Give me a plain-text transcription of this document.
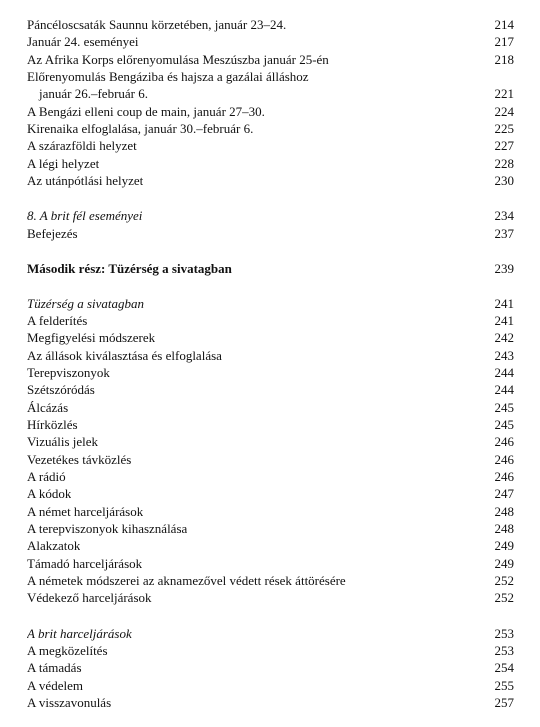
Páncéloscsaták Saunnu körzetében, január 23–24.	214
Január 24. eseményei	217
Az Afrika Korps előrenyomulása Meszúszba január 25-én	218
Előrenyomulás Bengáziba és hajsza a gazálai álláshoz
január 26.–február 6.	221
A Bengázi elleni coup de main, január 27–30.	224
Kirenaika elfoglalása, január 30.–február 6.	225
A szárazföldi helyzet	227
A légi helyzet	228
Az utánpótlási helyzet	230
8. A brit fél eseményei	234
Befejezés	237
Második rész: Tüzérség a sivatagban	239
Tüzérség a sivatagban	241
A felderítés	241
Megfigyelési módszerek	242
Az állások kiválasztása és elfoglalása	243
Terepviszonyok	244
Szétszóródás	244
Álcázás	245
Hírközlés	245
Vizuális jelek	246
Vezetékes távközlés	246
A rádió	246
A kódok	247
A német harceljárások	248
A terepviszonyok kihasználása	248
Alakzatok	249
Támadó harceljárások	249
A németek módszerei az aknamezővel védett rések áttörésére	252
Védekező harceljárások	252
A brit harceljárások	253
A megközelítés	253
A támadás	254
A védelem	255
A visszavonulás	257
